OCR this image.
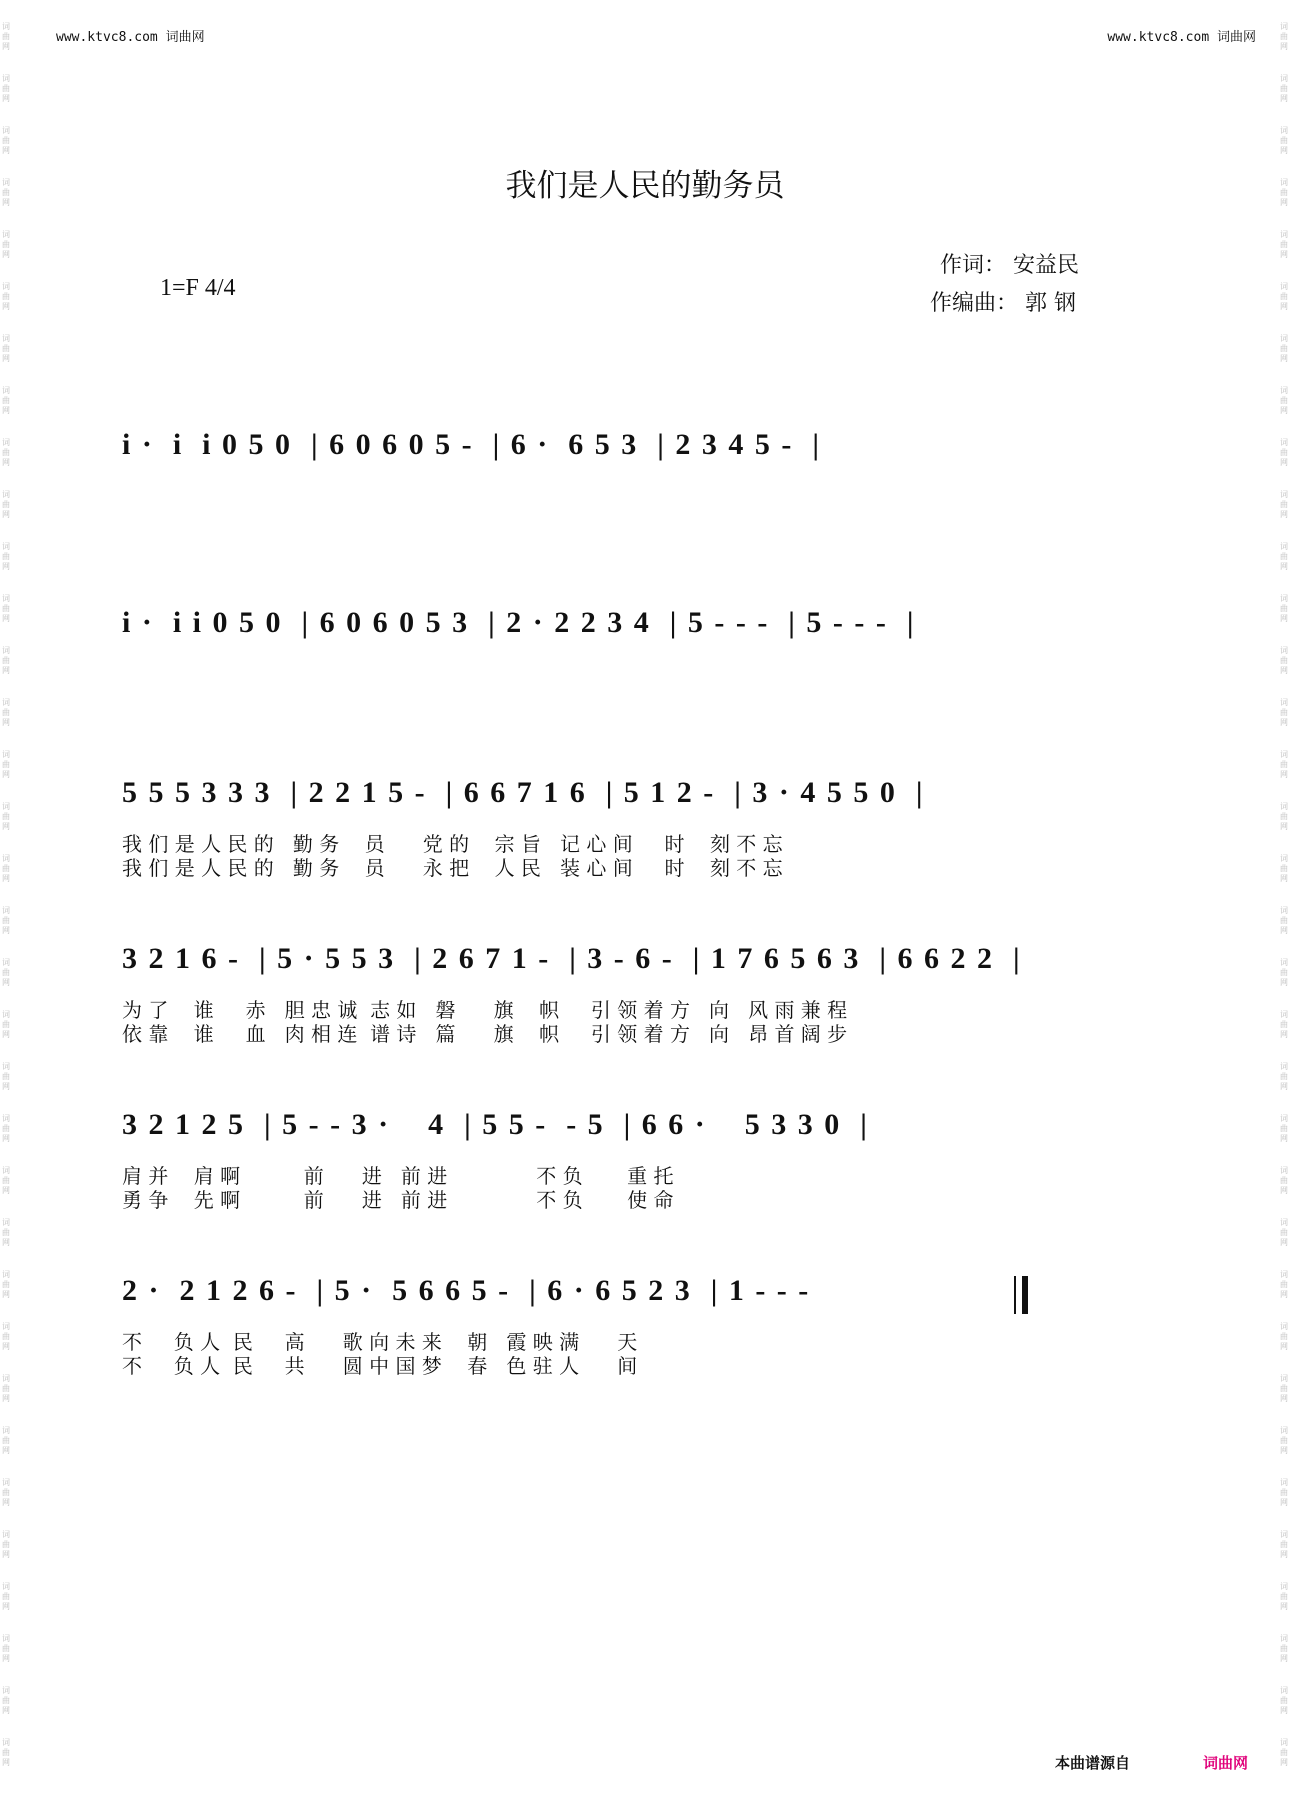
www.ktvc8.com 词曲网	www.ktvc8.com 词曲网
词
曲
网
词
曲
网
词
曲
网
词
曲
网
词
曲
网
词
曲
网
词
曲
网
词
曲
网
词
曲
网
词
曲
网
词
曲
网
词
曲
网
词
曲
网
词
曲
网
词
曲
网
词
曲
网
词
曲
网
词
曲
网
词
曲
网
词
曲
网
词
曲
网
词
曲
网
词
曲
网
词
曲
网
词
曲
网
词
曲
网
词
曲
网
词
曲
网
词
曲
网
词
曲
网
词
曲
网
词
曲
网
词
曲
网
词
曲
网
词
曲
网
词
曲
网
词
曲
网
词
曲
网
词
曲
网
词
曲
网
词
曲
网
词
曲
网
词
曲
网
词
曲
网
词
曲
网
词
曲
网
词
曲
网
词
曲
网
词
曲
网
词
曲
网
词
曲
网
词
曲
网
词
曲
网
词
曲
网
词
曲
网
词
曲
网
词
曲
网
词
曲
网
词
曲
网
词
曲
网
词
曲
网
词
曲
网
词
曲
网
词
曲
网
词
曲
网
词
曲
网
词
曲
网
词
曲
网
我们是人民的勤务员
作词： 安益民
作编曲： 郭 钢
1=F 4/4
i ·  i  i 0 5 0  | 6 0 6 0 5 -  | 6 ·  6 5 3  | 2 3 4 5 -  |
i ·  i i 0 5 0  | 6 0 6 0 5 3  | 2 · 2 2 3 4  | 5 - - -  | 5 - - -  |
5 5 5 3 3 3  | 2 2 1 5 -  | 6 6 7 1 6  | 5 1 2 -  | 3 · 4 5 5 0  |
我 们 是 人 民 的   勤 务    员      党 的    宗 旨   记 心 间     时    刻 不 忘
我 们 是 人 民 的   勤 务    员      永 把    人 民   装 心 间     时    刻 不 忘
3 2 1 6 -  | 5 · 5 5 3  | 2 6 7 1 -  | 3 - 6 -  | 1 7 6 5 6 3  | 6 6 2 2  |
为 了    谁     赤   胆 忠 诚  志 如   磐      旗    帜     引 领 着 方   向   风 雨 兼 程
依 靠    谁     血   肉 相 连  谱 诗   篇      旗    帜     引 领 着 方   向   昂 首 阔 步
3 2 1 2 5  | 5 - - 3 ·    4  | 5 5 -  - 5  | 6 6 ·    5 3 3 0  |
肩 并    肩 啊          前      进   前 进              不 负       重 托
勇 争    先 啊          前      进   前 进              不 负       使 命
2 ·  2 1 2 6 -  | 5 ·  5 6 6 5 -  | 6 · 6 5 2 3  | 1 - - -
不     负 人  民     高      歌 向 未 来    朝   霞 映 满      天
不     负 人  民     共      圆 中 国 梦    春   色 驻 人      间
本曲谱源自	词曲网
